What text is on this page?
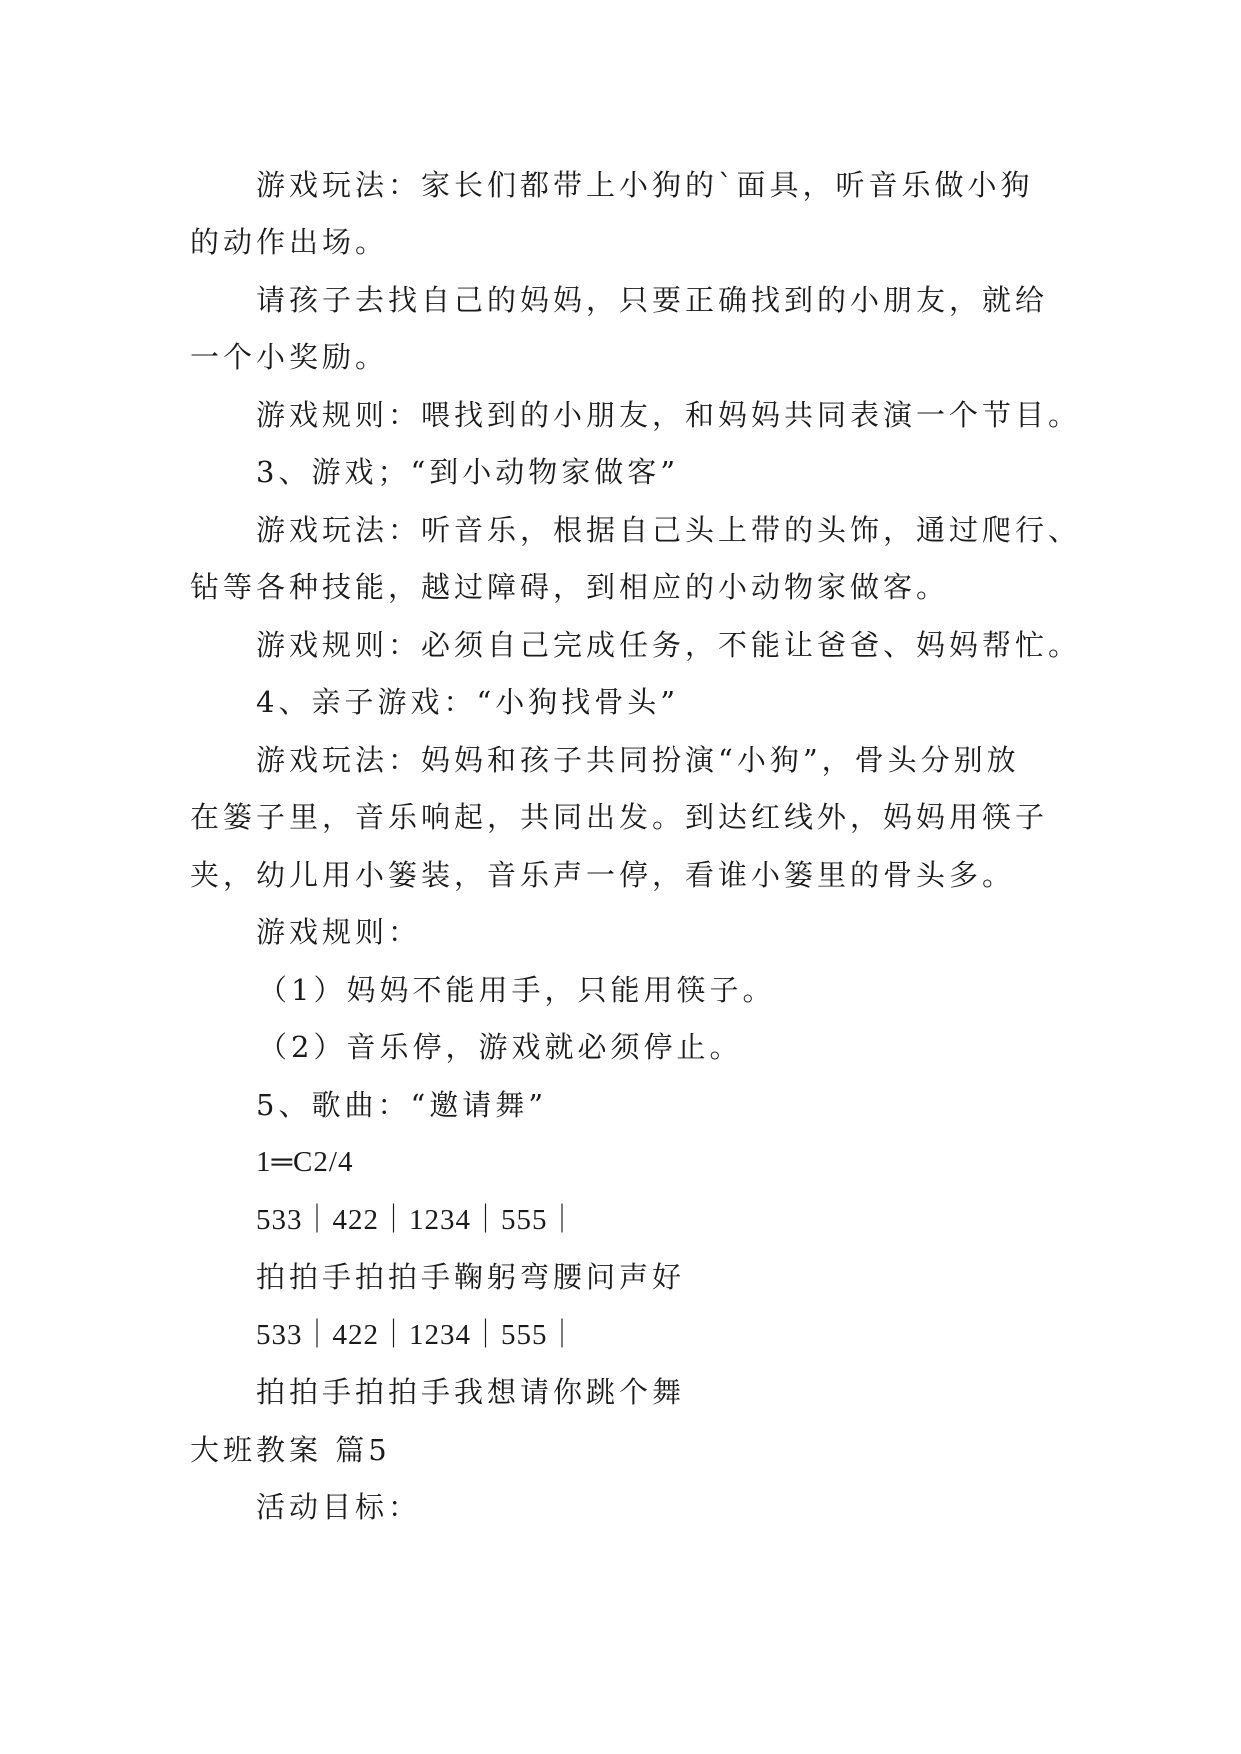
游戏玩法：家长们都带上小狗的`面具，听音乐做小狗
的动作出场。
请孩子去找自己的妈妈，只要正确找到的小朋友，就给
一个小奖励。
游戏规则：喂找到的小朋友，和妈妈共同表演一个节目。
3、游戏；“到小动物家做客”
游戏玩法：听音乐，根据自己头上带的头饰，通过爬行、
钻等各种技能，越过障碍，到相应的小动物家做客。
游戏规则：必须自己完成任务，不能让爸爸、妈妈帮忙。
4、亲子游戏：“小狗找骨头”
游戏玩法：妈妈和孩子共同扮演“小狗”，骨头分别放
在篓子里，音乐响起，共同出发。到达红线外，妈妈用筷子
夹，幼儿用小篓装，音乐声一停，看谁小篓里的骨头多。
游戏规则：
（1）妈妈不能用手，只能用筷子。
（2）音乐停，游戏就必须停止。
5、歌曲：“邀请舞”
1═C2/4
533｜422｜1234｜555｜
拍拍手拍拍手鞠躬弯腰问声好
533｜422｜1234｜555｜
拍拍手拍拍手我想请你跳个舞
大班教案 篇5
活动目标：
